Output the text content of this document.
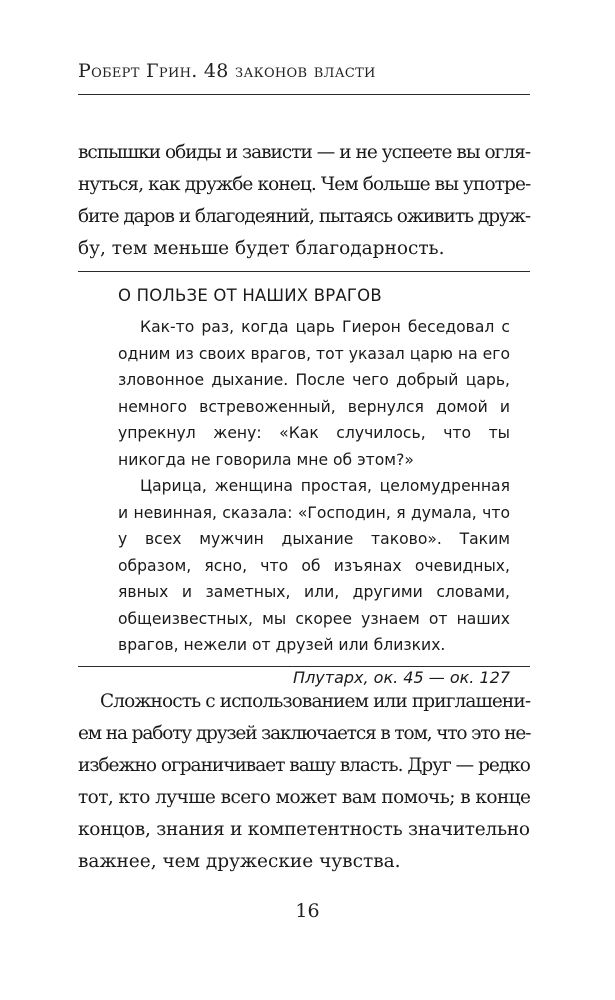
Роберт Грин. 48 законов власти

вспышки обиды и зависти — и не успеете вы огля-
нуться, как дружбе конец. Чем больше вы употре-
бите даров и благодеяний, пытаясь оживить друж-
бу, тем меньше будет благодарность.

О ПОЛЬЗЕ ОТ НАШИХ ВРАГОВ

Как-то раз, когда царь Гиерон беседовал с одним из своих врагов, тот указал царю на его зловонное дыхание. После чего добрый царь, немного встревоженный, вернулся домой и упрекнул жену: «Как случилось, что ты никогда не говорила мне об этом?»

Царица, женщина простая, целомудренная и невинная, сказала: «Господин, я думала, что у всех мужчин дыхание таково». Таким образом, ясно, что об изъянах очевидных, явных и заметных, или, другими словами, общеизвестных, мы скорее узнаем от наших врагов, нежели от друзей или близких.

Плутарх, ок. 45 — ок. 127

Сложность с использованием или приглашени-
ем на работу друзей заключается в том, что это не-
избежно ограничивает вашу власть. Друг — редко
тот, кто лучше всего может вам помочь; в конце
концов, знания и компетентность значительно
важнее, чем дружеские чувства.

16
